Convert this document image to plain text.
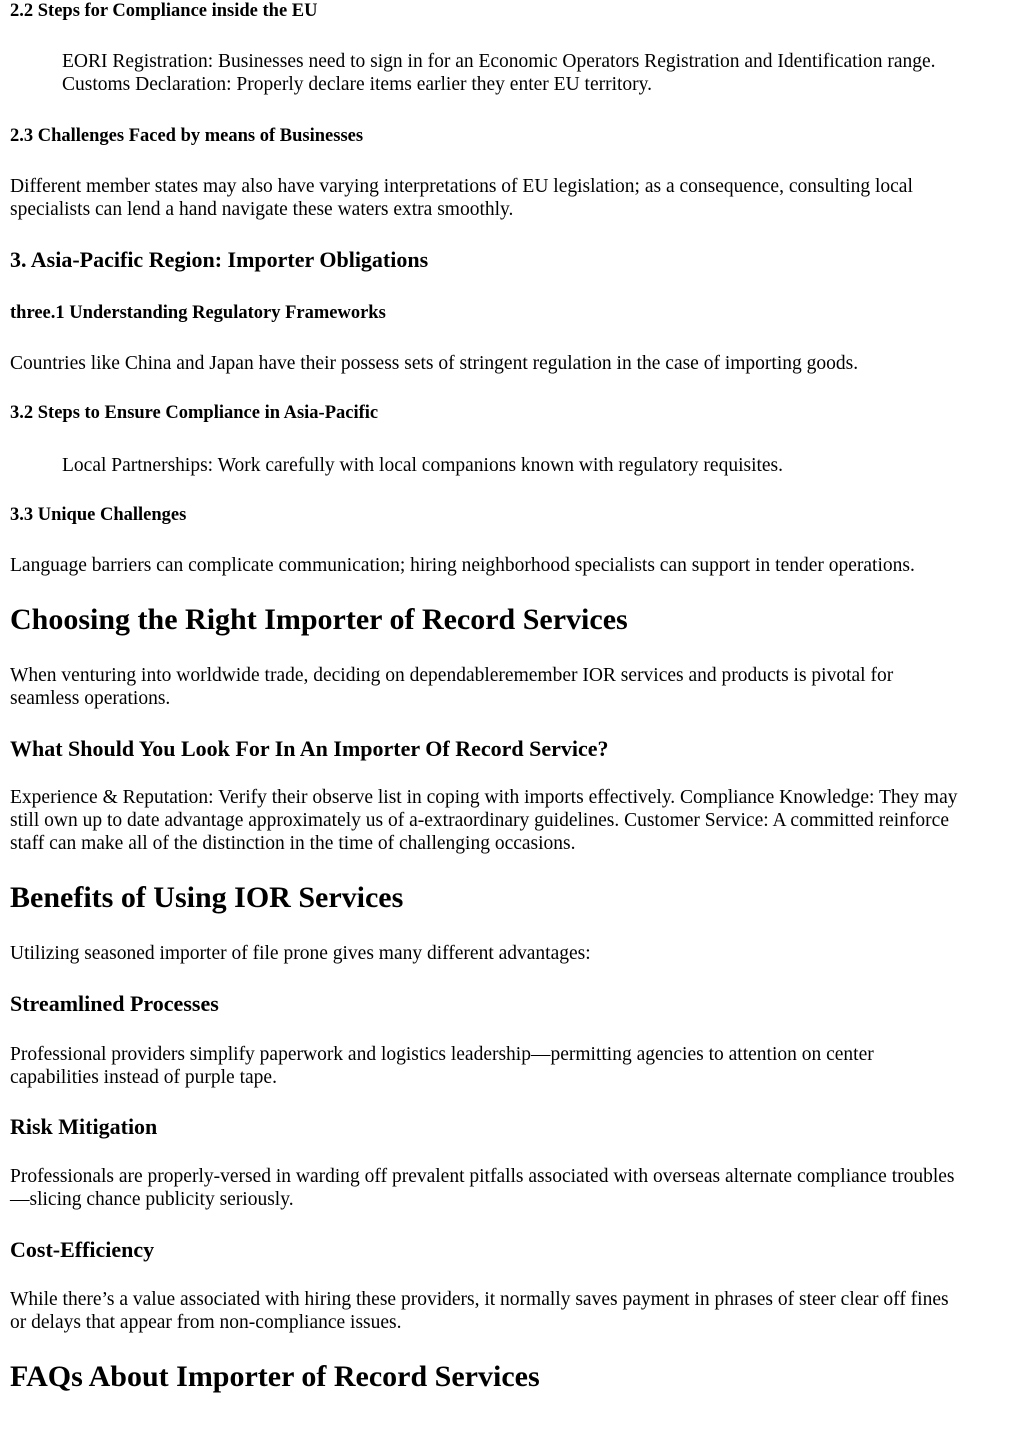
2.2 Steps for Compliance inside the EU
EORI Registration: Businesses need to sign in for an Economic Operators Registration and Identification range.
Customs Declaration: Properly declare items earlier they enter EU territory.
2.3 Challenges Faced by means of Businesses

Different member states may also have varying interpretations of EU legislation; as a consequence, consulting local
specialists can lend a hand navigate these waters extra smoothly.

3. Asia-Pacific Region: Importer Obligations
three.1 Understanding Regulatory Frameworks

Countries like China and Japan have their possess sets of stringent regulation in the case of importing goods.

3.2 Steps to Ensure Compliance in Asia-Pacific
Local Partnerships: Work carefully with local companions known with regulatory requisites.
3.3 Unique Challenges

Language barriers can complicate communication; hiring neighborhood specialists can support in tender operations.

Choosing the Right Importer of Record Services

When venturing into worldwide trade, deciding on dependableremember IOR services and products is pivotal for
seamless operations.

What Should You Look For In An Importer Of Record Service?

Experience & Reputation: Verify their observe list in coping with imports effectively. Compliance Knowledge: They may
still own up to date advantage approximately us of a-extraordinary guidelines. Customer Service: A committed reinforce
staff can make all of the distinction in the time of challenging occasions.

Benefits of Using IOR Services

Utilizing seasoned importer of file prone gives many different advantages:

Streamlined Processes

Professional providers simplify paperwork and logistics leadership—permitting agencies to attention on center
capabilities instead of purple tape.

Risk Mitigation

Professionals are properly-versed in warding off prevalent pitfalls associated with overseas alternate compliance troubles
—slicing chance publicity seriously.

Cost-Efficiency

While there’s a value associated with hiring these providers, it normally saves payment in phrases of steer clear off fines
or delays that appear from non-compliance issues.

FAQs About Importer of Record Services
